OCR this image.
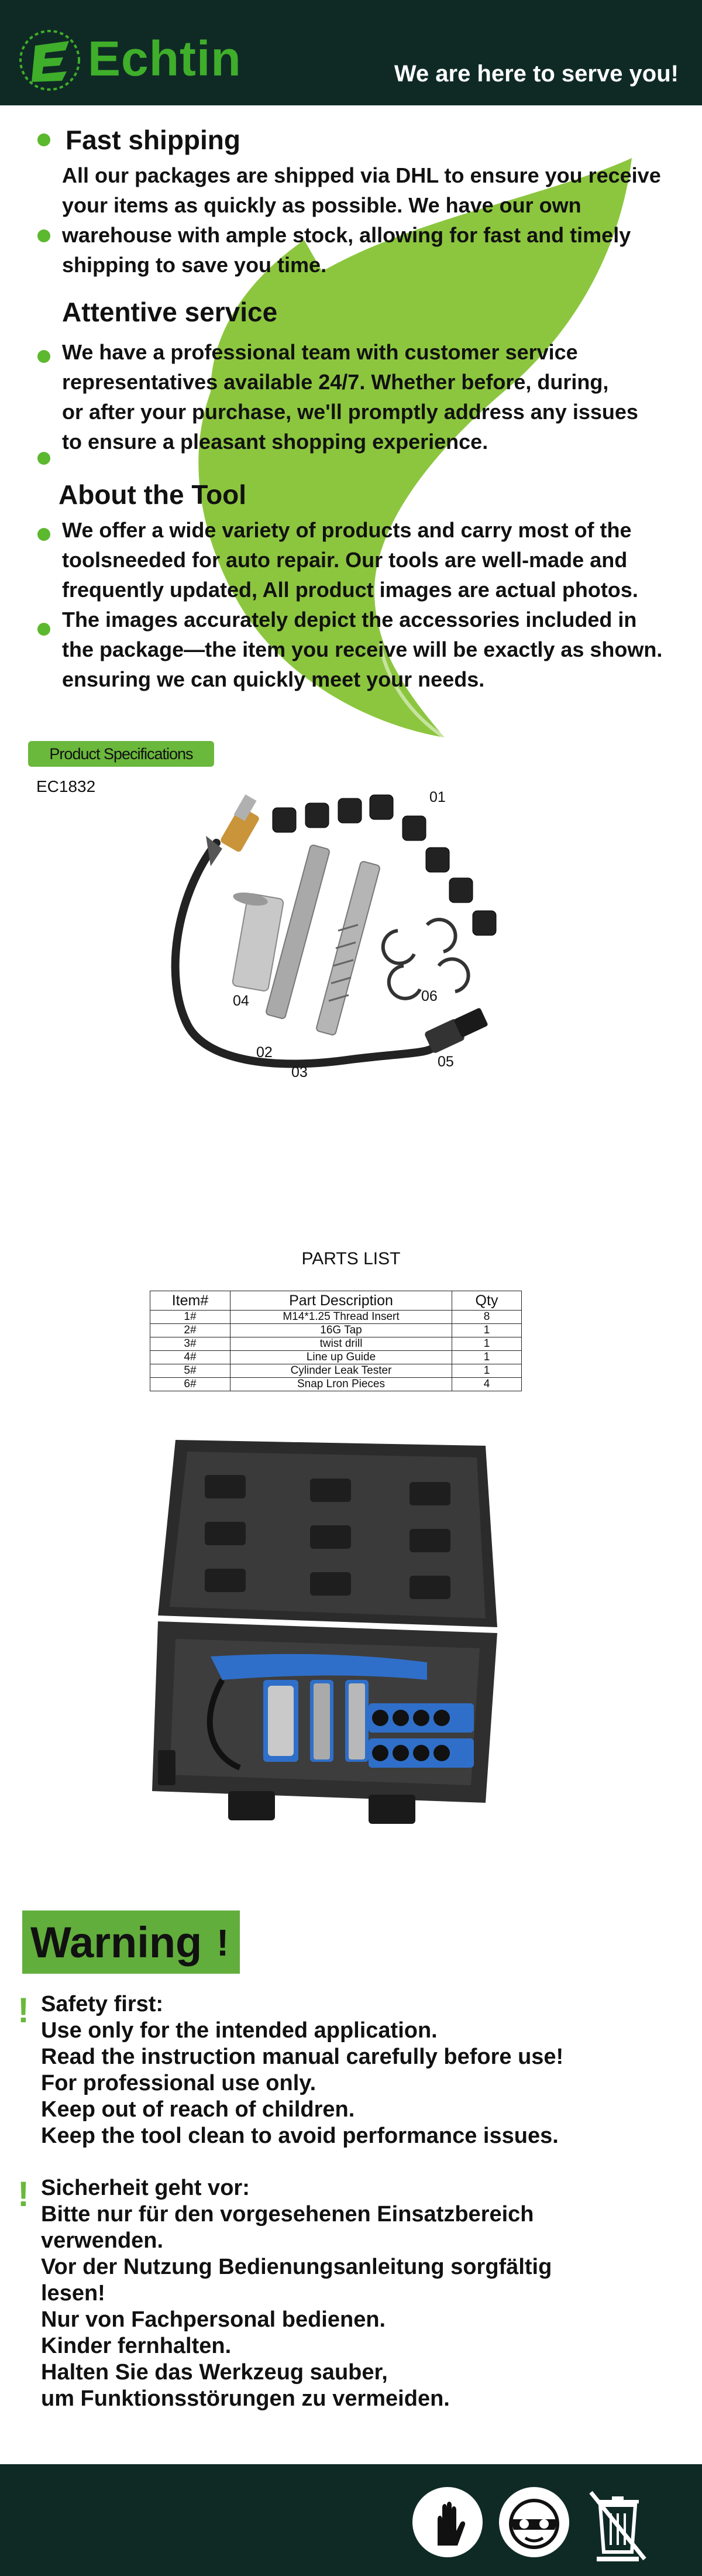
Echtin	We are here to serve you!
Fast shipping
All our packages are shipped via DHL to ensure you receive
your items as quickly as possible. We have our own
warehouse with ample stock, allowing for fast and timely
shipping to save you time.
Attentive service
We have a professional team with customer service
representatives available 24/7. Whether before, during,
or after your purchase, we'll promptly address any issues
to ensure a pleasant shopping experience.
About the Tool
We offer a wide variety of products and carry most of the
toolsneeded for auto repair. Our tools are well-made and
frequently updated, All product images are actual photos.
The images accurately depict the accessories included in
the package—the item you receive will be exactly as shown.
ensuring we can quickly meet your needs.
Product Specifications
EC1832
01
02
03
04
05
06
PARTS LIST
Item#	Part Description	Qty
1#	M14*1.25 Thread Insert	8
2#	16G Tap	1
3#	twist drill	1
4#	Line up Guide	1
5#	Cylinder Leak Tester	1
6#	Snap Lron Pieces	4
Warning !
! Safety first:
Use only for the intended application.
Read the instruction manual carefully before use!
For professional use only.
Keep out of reach of children.
Keep the tool clean to avoid performance issues.
! Sicherheit geht vor:
Bitte nur für den vorgesehenen Einsatzbereich
verwenden.
Vor der Nutzung Bedienungsanleitung sorgfältig
lesen!
Nur von Fachpersonal bedienen.
Kinder fernhalten.
Halten Sie das Werkzeug sauber,
um Funktionsstörungen zu vermeiden.
